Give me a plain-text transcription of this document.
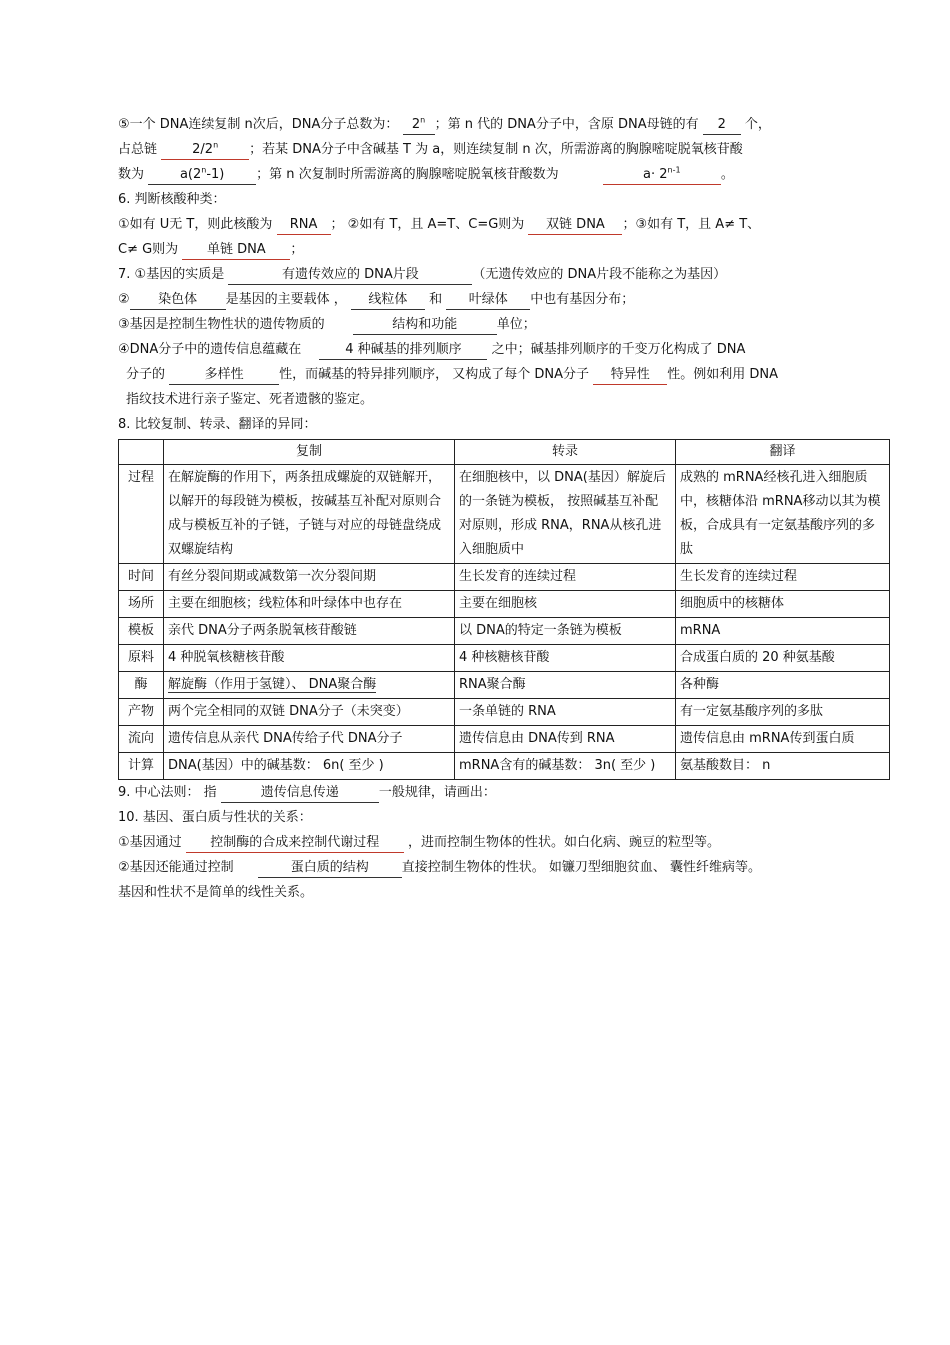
⑤一个 DNA连续复制 n次后，DNA分子总数为： 2$^n$ ；第 n 代的 DNA分子中，含原 DNA母链的有 2 个，
占总链	2/2$^n$ ；若某 DNA分子中含碱基 T 为 a，则连续复制 n 次，所需游离的胸腺嘧啶脱氧核苷酸
数为	a(2$^n$-1) ；第 n 次复制时所需游离的胸腺嘧啶脱氧核苷酸数为	$a\cdot 2^{n-1}$	。
6. 判断核酸种类：
①如有 U无 T，则此核酸为 RNA ； ②如有 T，且 A=T、C=G则为 双链 DNA ；③如有 T，且 A≠ T、
C≠ G则为 单链 DNA ；
7. ①基因的实质是	有遗传效应的 DNA片段	（无遗传效应的 DNA片段不能称之为基因）
② 染色体 是基因的主要载体 ， 线粒体 和 叶绿体 中也有基因分布；
③基因是控制生物性状的遗传物质的	结构和功能	单位；
④DNA分子中的遗传信息蕴藏在	4 种碱基的排列顺序 之中；碱基排列顺序的千变万化构成了 DNA
分子的	多样性	性，而碱基的特异排列顺序， 又构成了每个 DNA分子 特异性 性。例如利用 DNA
指纹技术进行亲子鉴定、死者遗骸的鉴定。
8. 比较复制、转录、翻译的异同：
	复制	转录	翻译
过程	在解旋酶的作用下，两条扭成螺旋的双链解开，以解开的每段链为模板，按碱基互补配对原则合成与模板互补的子链，子链与对应的母链盘绕成双螺旋结构	在细胞核中，以 DNA(基因）解旋后的一条链为模板， 按照碱基互补配对原则，形成 RNA，RNA从核孔进入细胞质中	成熟的 mRNA经核孔进入细胞质中，核糖体沿 mRNA移动以其为模板，合成具有一定氨基酸序列的多肽
时间	有丝分裂间期或减数第一次分裂间期	生长发育的连续过程	生长发育的连续过程
场所	主要在细胞核；线粒体和叶绿体中也存在	主要在细胞核	细胞质中的核糖体
模板	亲代 DNA分子两条脱氧核苷酸链	以 DNA的特定一条链为模板	mRNA
原料	4 种脱氧核糖核苷酸	4 种核糖核苷酸	合成蛋白质的 20 种氨基酸
酶	解旋酶（作用于氢键）、 DNA聚合酶	RNA聚合酶	各种酶
产物	两个完全相同的双链 DNA分子（未突变）	一条单链的 RNA	有一定氨基酸序列的多肽
流向	遗传信息从亲代 DNA传给子代 DNA分子	遗传信息由 DNA传到 RNA	遗传信息由 mRNA传到蛋白质
计算	DNA(基因）中的碱基数： 6n( 至少 )	mRNA含有的碱基数： 3n( 至少 )	氨基酸数目： n
9. 中心法则： 指	遗传信息传递	一般规律，请画出：
10. 基因、蛋白质与性状的关系：
①基因通过 控制酶的合成来控制代谢过程 ，进而控制生物体的性状。如白化病、豌豆的粒型等。
②基因还能通过控制	蛋白质的结构	直接控制生物体的性状。 如镰刀型细胞贫血、 囊性纤维病等。
基因和性状不是简单的线性关系。
